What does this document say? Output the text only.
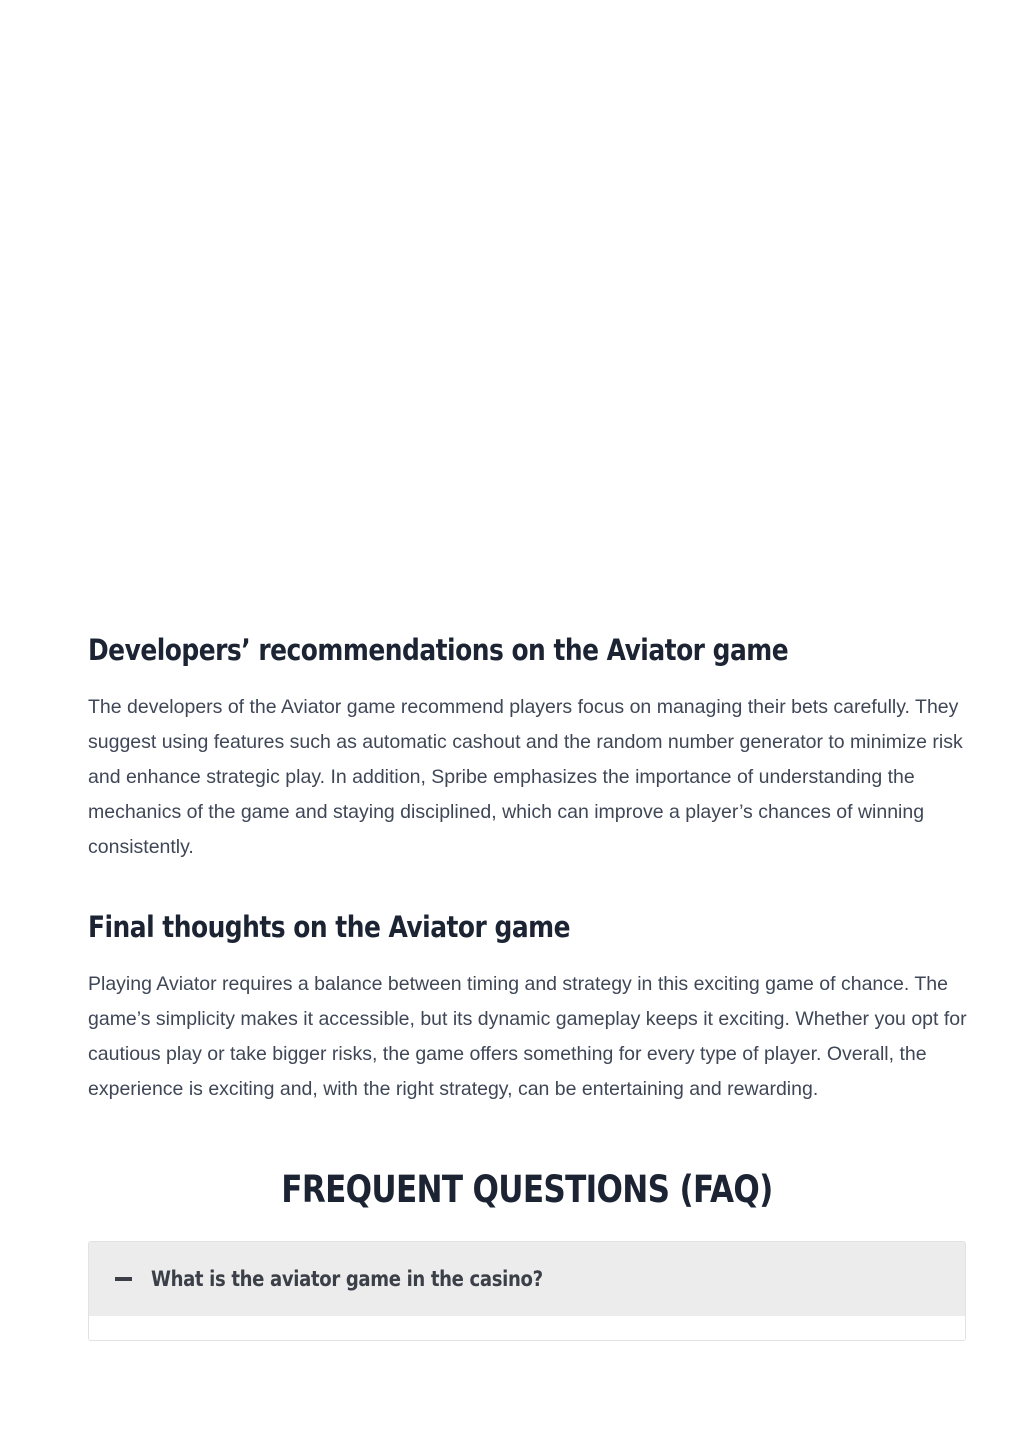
Developers’ recommendations on the Aviator game

The developers of the Aviator game recommend players focus on managing their bets carefully. They suggest using features such as automatic cashout and the random number generator to minimize risk and enhance strategic play. In addition, Spribe emphasizes the importance of understanding the mechanics of the game and staying disciplined, which can improve a player’s chances of winning consistently.

Final thoughts on the Aviator game

Playing Aviator requires a balance between timing and strategy in this exciting game of chance. The game’s simplicity makes it accessible, but its dynamic gameplay keeps it exciting. Whether you opt for cautious play or take bigger risks, the game offers something for every type of player. Overall, the experience is exciting and, with the right strategy, can be entertaining and rewarding.

FREQUENT QUESTIONS (FAQ)
What is the aviator game in the casino?
